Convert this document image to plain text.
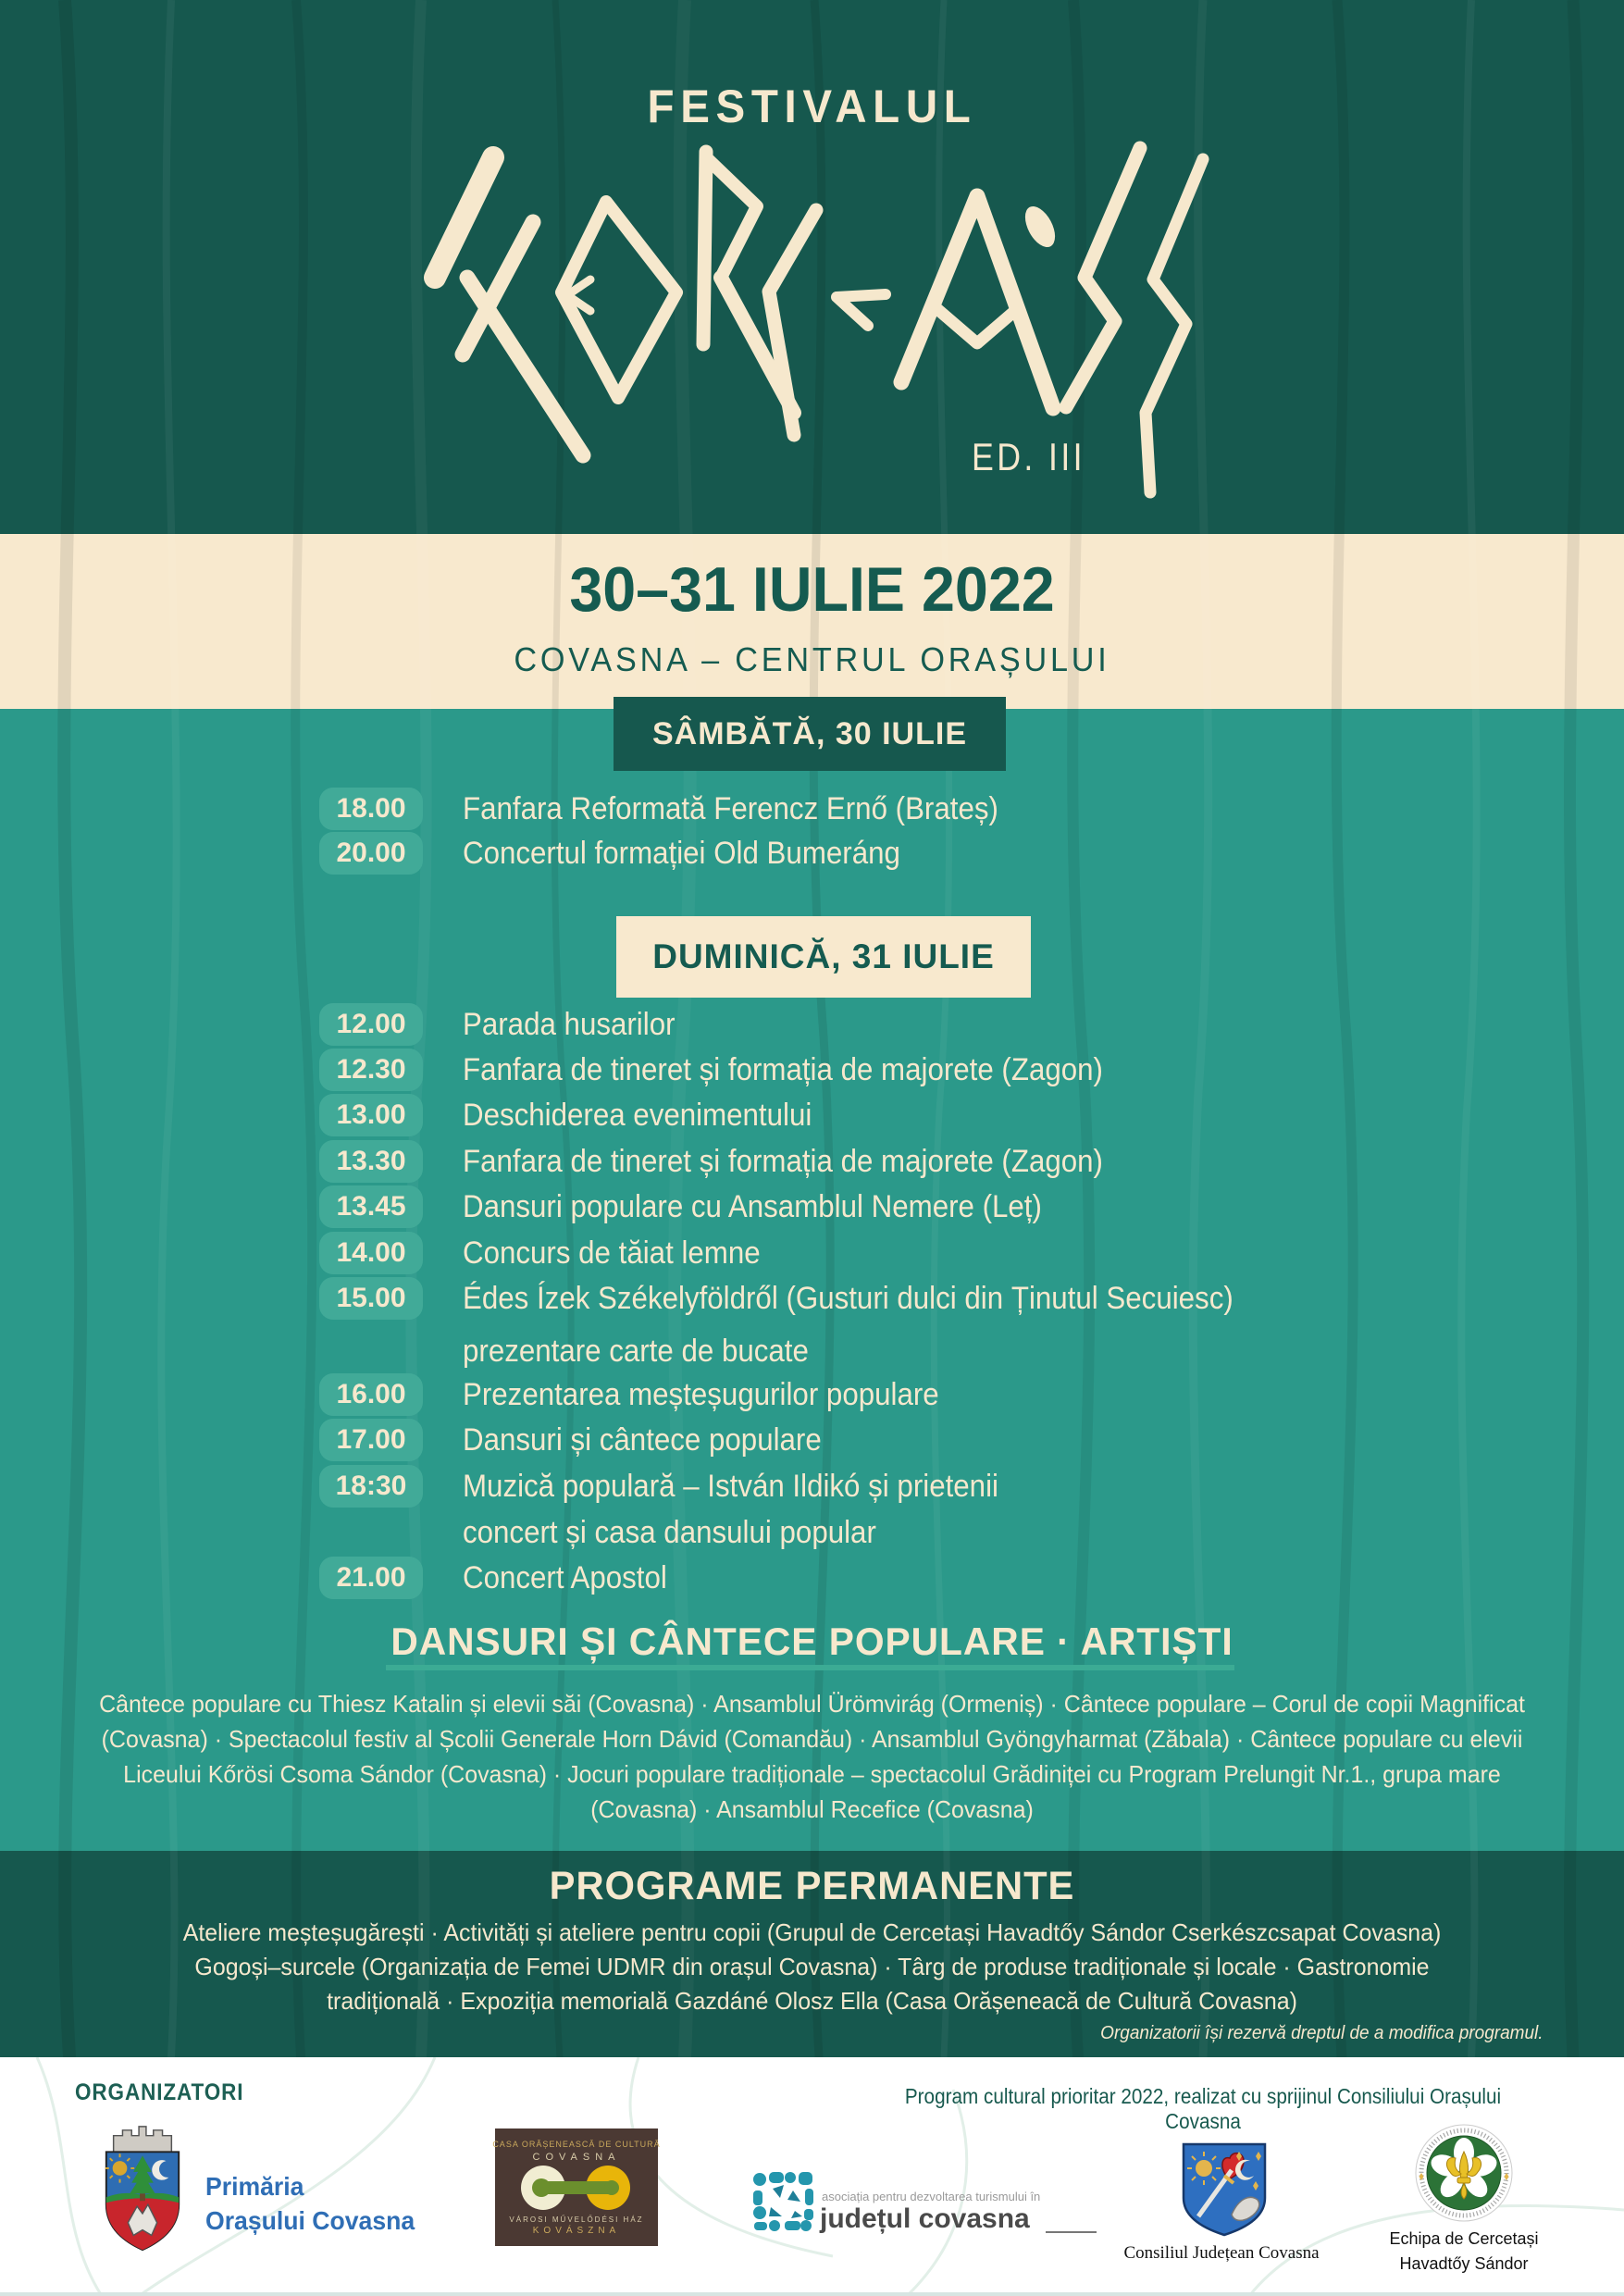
FESTIVALUL
ED. III
30–31 IULIE 2022
COVASNA – CENTRUL ORAȘULUI
SÂMBĂTĂ, 30 IULIE
18.00	Fanfara Reformată Ferencz Ernő (Brateș)
20.00	Concertul formației Old Bumeráng
DUMINICĂ, 31 IULIE
12.00	Parada husarilor
12.30	Fanfara de tineret și formația de majorete (Zagon)
13.00	Deschiderea evenimentului
13.30	Fanfara de tineret și formația de majorete (Zagon)
13.45	Dansuri populare cu Ansamblul Nemere (Leț)
14.00	Concurs de tăiat lemne
15.00	Édes Ízek Székelyföldről (Gusturi dulci din Ținutul Secuiesc)
prezentare carte de bucate
16.00	Prezentarea meșteșugurilor populare
17.00	Dansuri și cântece populare
18:30	Muzică populară – István Ildikó și prietenii
concert și casa dansului popular
21.00	Concert Apostol
DANSURI ȘI CÂNTECE POPULARE · ARTIȘTI
Cântece populare cu Thiesz Katalin și elevii săi (Covasna) · Ansamblul Ürömvirág (Ormeniș) · Cântece populare – Corul de copii Magnificat
(Covasna) · Spectacolul festiv al Școlii Generale Horn Dávid (Comandău) · Ansamblul Gyöngyharmat (Zăbala) · Cântece populare cu elevii
Liceului Kőrösi Csoma Sándor (Covasna) · Jocuri populare tradiționale – spectacolul Grădiniței cu Program Prelungit Nr.1., grupa mare
(Covasna) · Ansamblul Recefice (Covasna)
PROGRAME PERMANENTE
Ateliere meșteșugărești · Activități și ateliere pentru copii (Grupul de Cercetași Havadtőy Sándor Cserkészcsapat Covasna)
Gogoși–surcele (Organizația de Femei UDMR din orașul Covasna) · Târg de produse tradiționale și locale · Gastronomie
tradițională · Expoziția memorială Gazdáné Olosz Ella (Casa Orășeneacă de Cultură Covasna)
Organizatorii își rezervă dreptul de a modifica programul.
ORGANIZATORI
Primăria
Orașului Covasna
CASA ORĂȘENEASCĂ DE CULTURĂ
COVASNA
VÁROSI MŰVELŐDÉSI HÁZ
KOVÁSZNA
asociația pentru dezvoltarea turismului în
județul covasna
Program cultural prioritar 2022, realizat cu sprijinul Consiliului Orașului Covasna
Consiliul Județean Covasna
Echipa de Cercetași
Havadtőy Sándor
